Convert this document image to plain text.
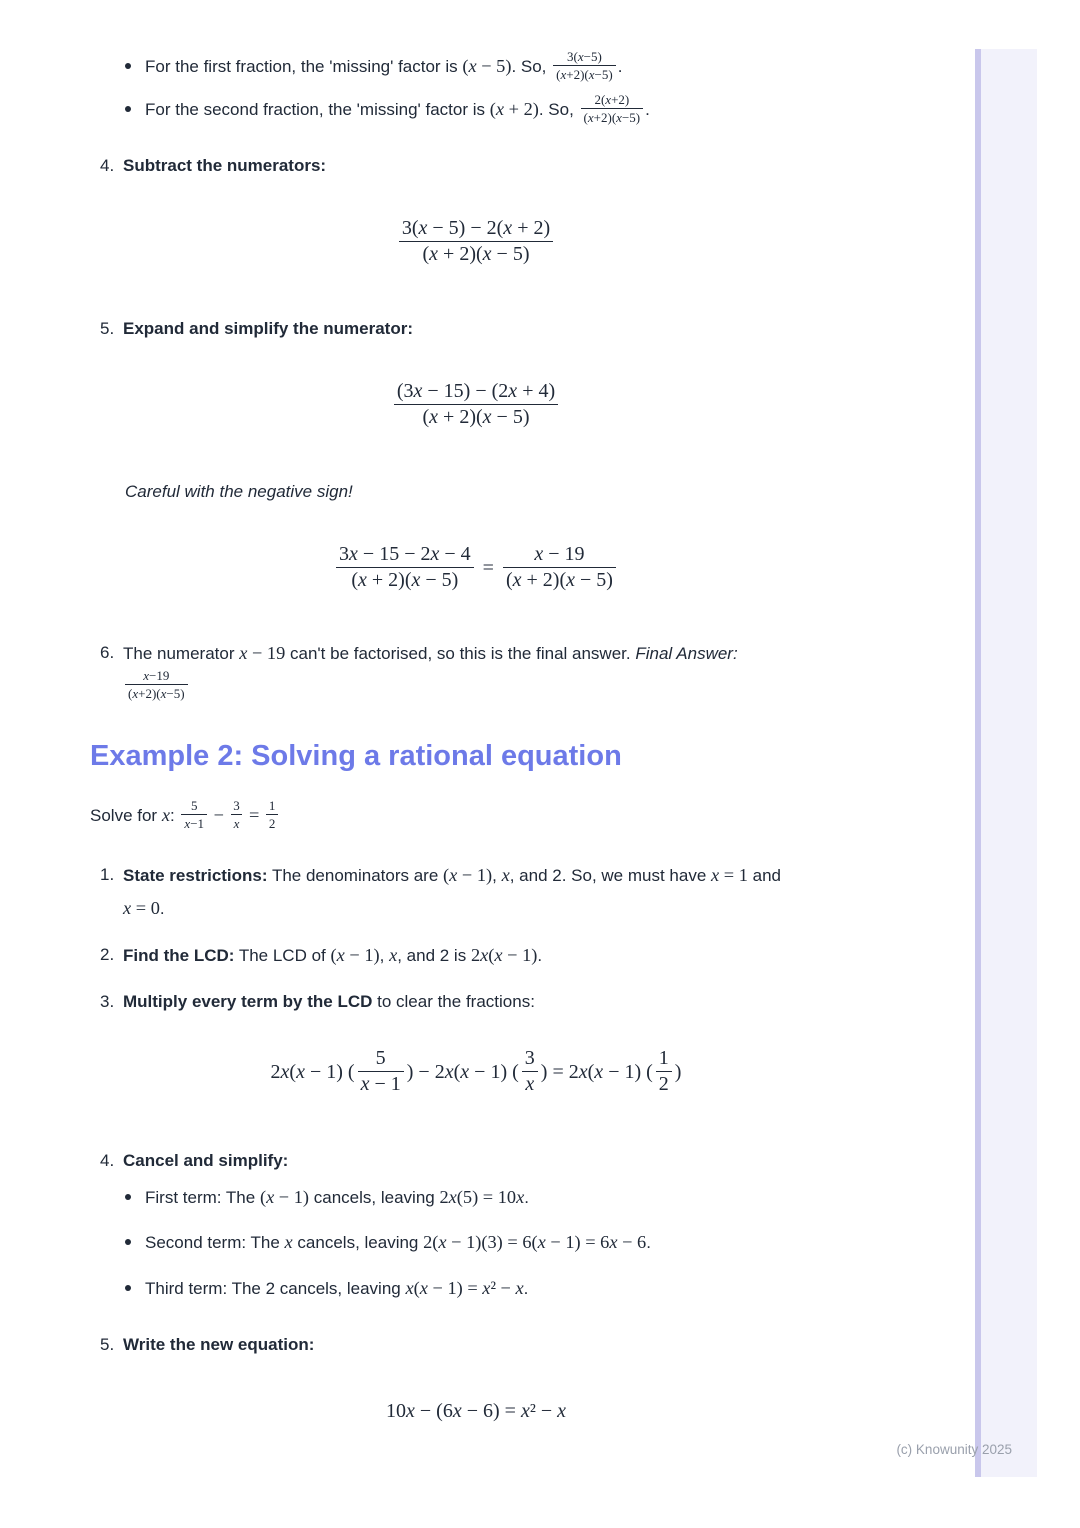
For the first fraction, the 'missing' factor is (x − 5). So, $\frac{3(x-5)}{(x+2)(x-5)}$ .
For the second fraction, the 'missing' factor is (x + 2). So, $\frac{2(x+2)}{(x+2)(x-5)}$ .
4. Subtract the numerators:
$\frac{3(x - 5) - 2(x + 2)}{(x + 2)(x - 5)}$
5. Expand and simplify the numerator:
$\frac{(3x - 15) - (2x + 4)}{(x + 2)(x - 5)}$
Careful with the negative sign!
$\frac{3x - 15 - 2x - 4}{(x + 2)(x - 5)} = \frac{x - 19}{(x + 2)(x - 5)}$
6. The numerator x − 19 can't be factorised, so this is the final answer. Final Answer:
$\frac{x-19}{(x+2)(x-5)}$
Example 2: Solving a rational equation
Solve for x: $\frac{5}{x-1} - \frac{3}{x} = \frac{1}{2}$
1. State restrictions: The denominators are (x − 1), x, and 2. So, we must have x = 1 and x = 0.
2. Find the LCD: The LCD of (x − 1), x, and 2 is 2x(x − 1).
3. Multiply every term by the LCD to clear the fractions:
2x(x − 1) ( $\frac{5}{x - 1}$ ) − 2x(x − 1) ( $\frac{3}{x}$ ) = 2x(x − 1) ( $\frac{1}{2}$ )
4. Cancel and simplify:
First term: The (x − 1) cancels, leaving 2x(5) = 10x.
Second term: The x cancels, leaving 2(x − 1)(3) = 6(x − 1) = 6x − 6.
Third term: The 2 cancels, leaving x(x − 1) = x² − x.
5. Write the new equation:
10x − (6x − 6) = x² − x
(c) Knowunity 2025
